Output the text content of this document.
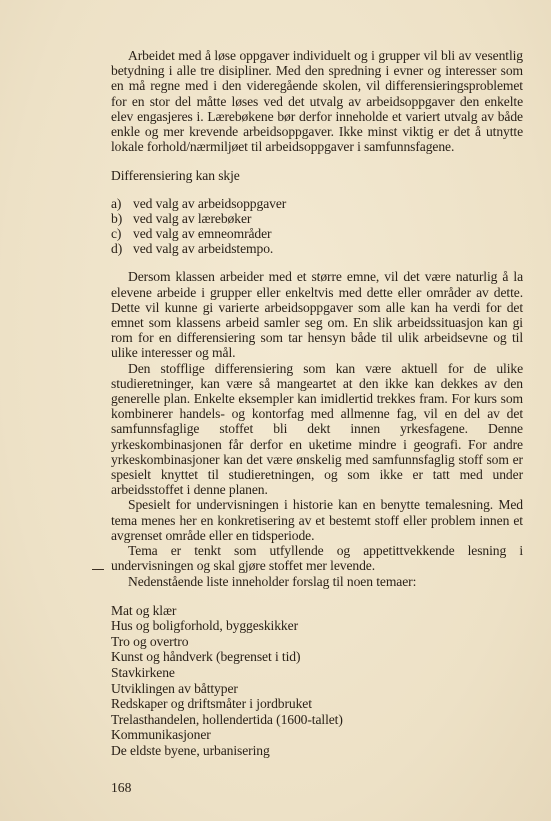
Arbeidet med å løse oppgaver individuelt og i grupper vil bli av vesentlig betydning i alle tre disipliner. Med den spredning i evner og interesser som en må regne med i den videregående skolen, vil differensieringsproblemet for en stor del måtte løses ved det utvalg av arbeidsoppgaver den enkelte elev engasjeres i. Lærebøkene bør derfor inneholde et variert utvalg av både enkle og mer krevende arbeidsoppgaver. Ikke minst viktig er det å utnytte lokale forhold/nærmiljøet til arbeidsoppgaver i samfunnsfagene.

Differensiering kan skje

a) ved valg av arbeidsoppgaver
b) ved valg av lærebøker
c) ved valg av emneområder
d) ved valg av arbeidstempo.

Dersom klassen arbeider med et større emne, vil det være naturlig å la elevene arbeide i grupper eller enkeltvis med dette eller områder av dette. Dette vil kunne gi varierte arbeidsoppgaver som alle kan ha verdi for det emnet som klassens arbeid samler seg om. En slik arbeidssituasjon kan gi rom for en differensiering som tar hensyn både til ulik arbeidsevne og til ulike interesser og mål.

Den stofflige differensiering som kan være aktuell for de ulike studieretninger, kan være så mangeartet at den ikke kan dekkes av den generelle plan. Enkelte eksempler kan imidlertid trekkes fram. For kurs som kombinerer handels- og kontorfag med allmenne fag, vil en del av det samfunnsfaglige stoffet bli dekt innen yrkesfagene. Denne yrkeskombinasjonen får derfor en uketime mindre i geografi. For andre yrkeskombinasjoner kan det være ønskelig med samfunnsfaglig stoff som er spesielt knyttet til studieretningen, og som ikke er tatt med under arbeidsstoffet i denne planen.

Spesielt for undervisningen i historie kan en benytte temalesning. Med tema menes her en konkretisering av et bestemt stoff eller problem innen et avgrenset område eller en tidsperiode.

Tema er tenkt som utfyllende og appetittvekkende lesning i undervisningen og skal gjøre stoffet mer levende.

Nedenstående liste inneholder forslag til noen temaer:

Mat og klær
Hus og boligforhold, byggeskikker
Tro og overtro
Kunst og håndverk (begrenset i tid)
Stavkirkene
Utviklingen av båttyper
Redskaper og driftsmåter i jordbruket
Trelasthandelen, hollendertida (1600-tallet)
Kommunikasjoner
De eldste byene, urbanisering
168
